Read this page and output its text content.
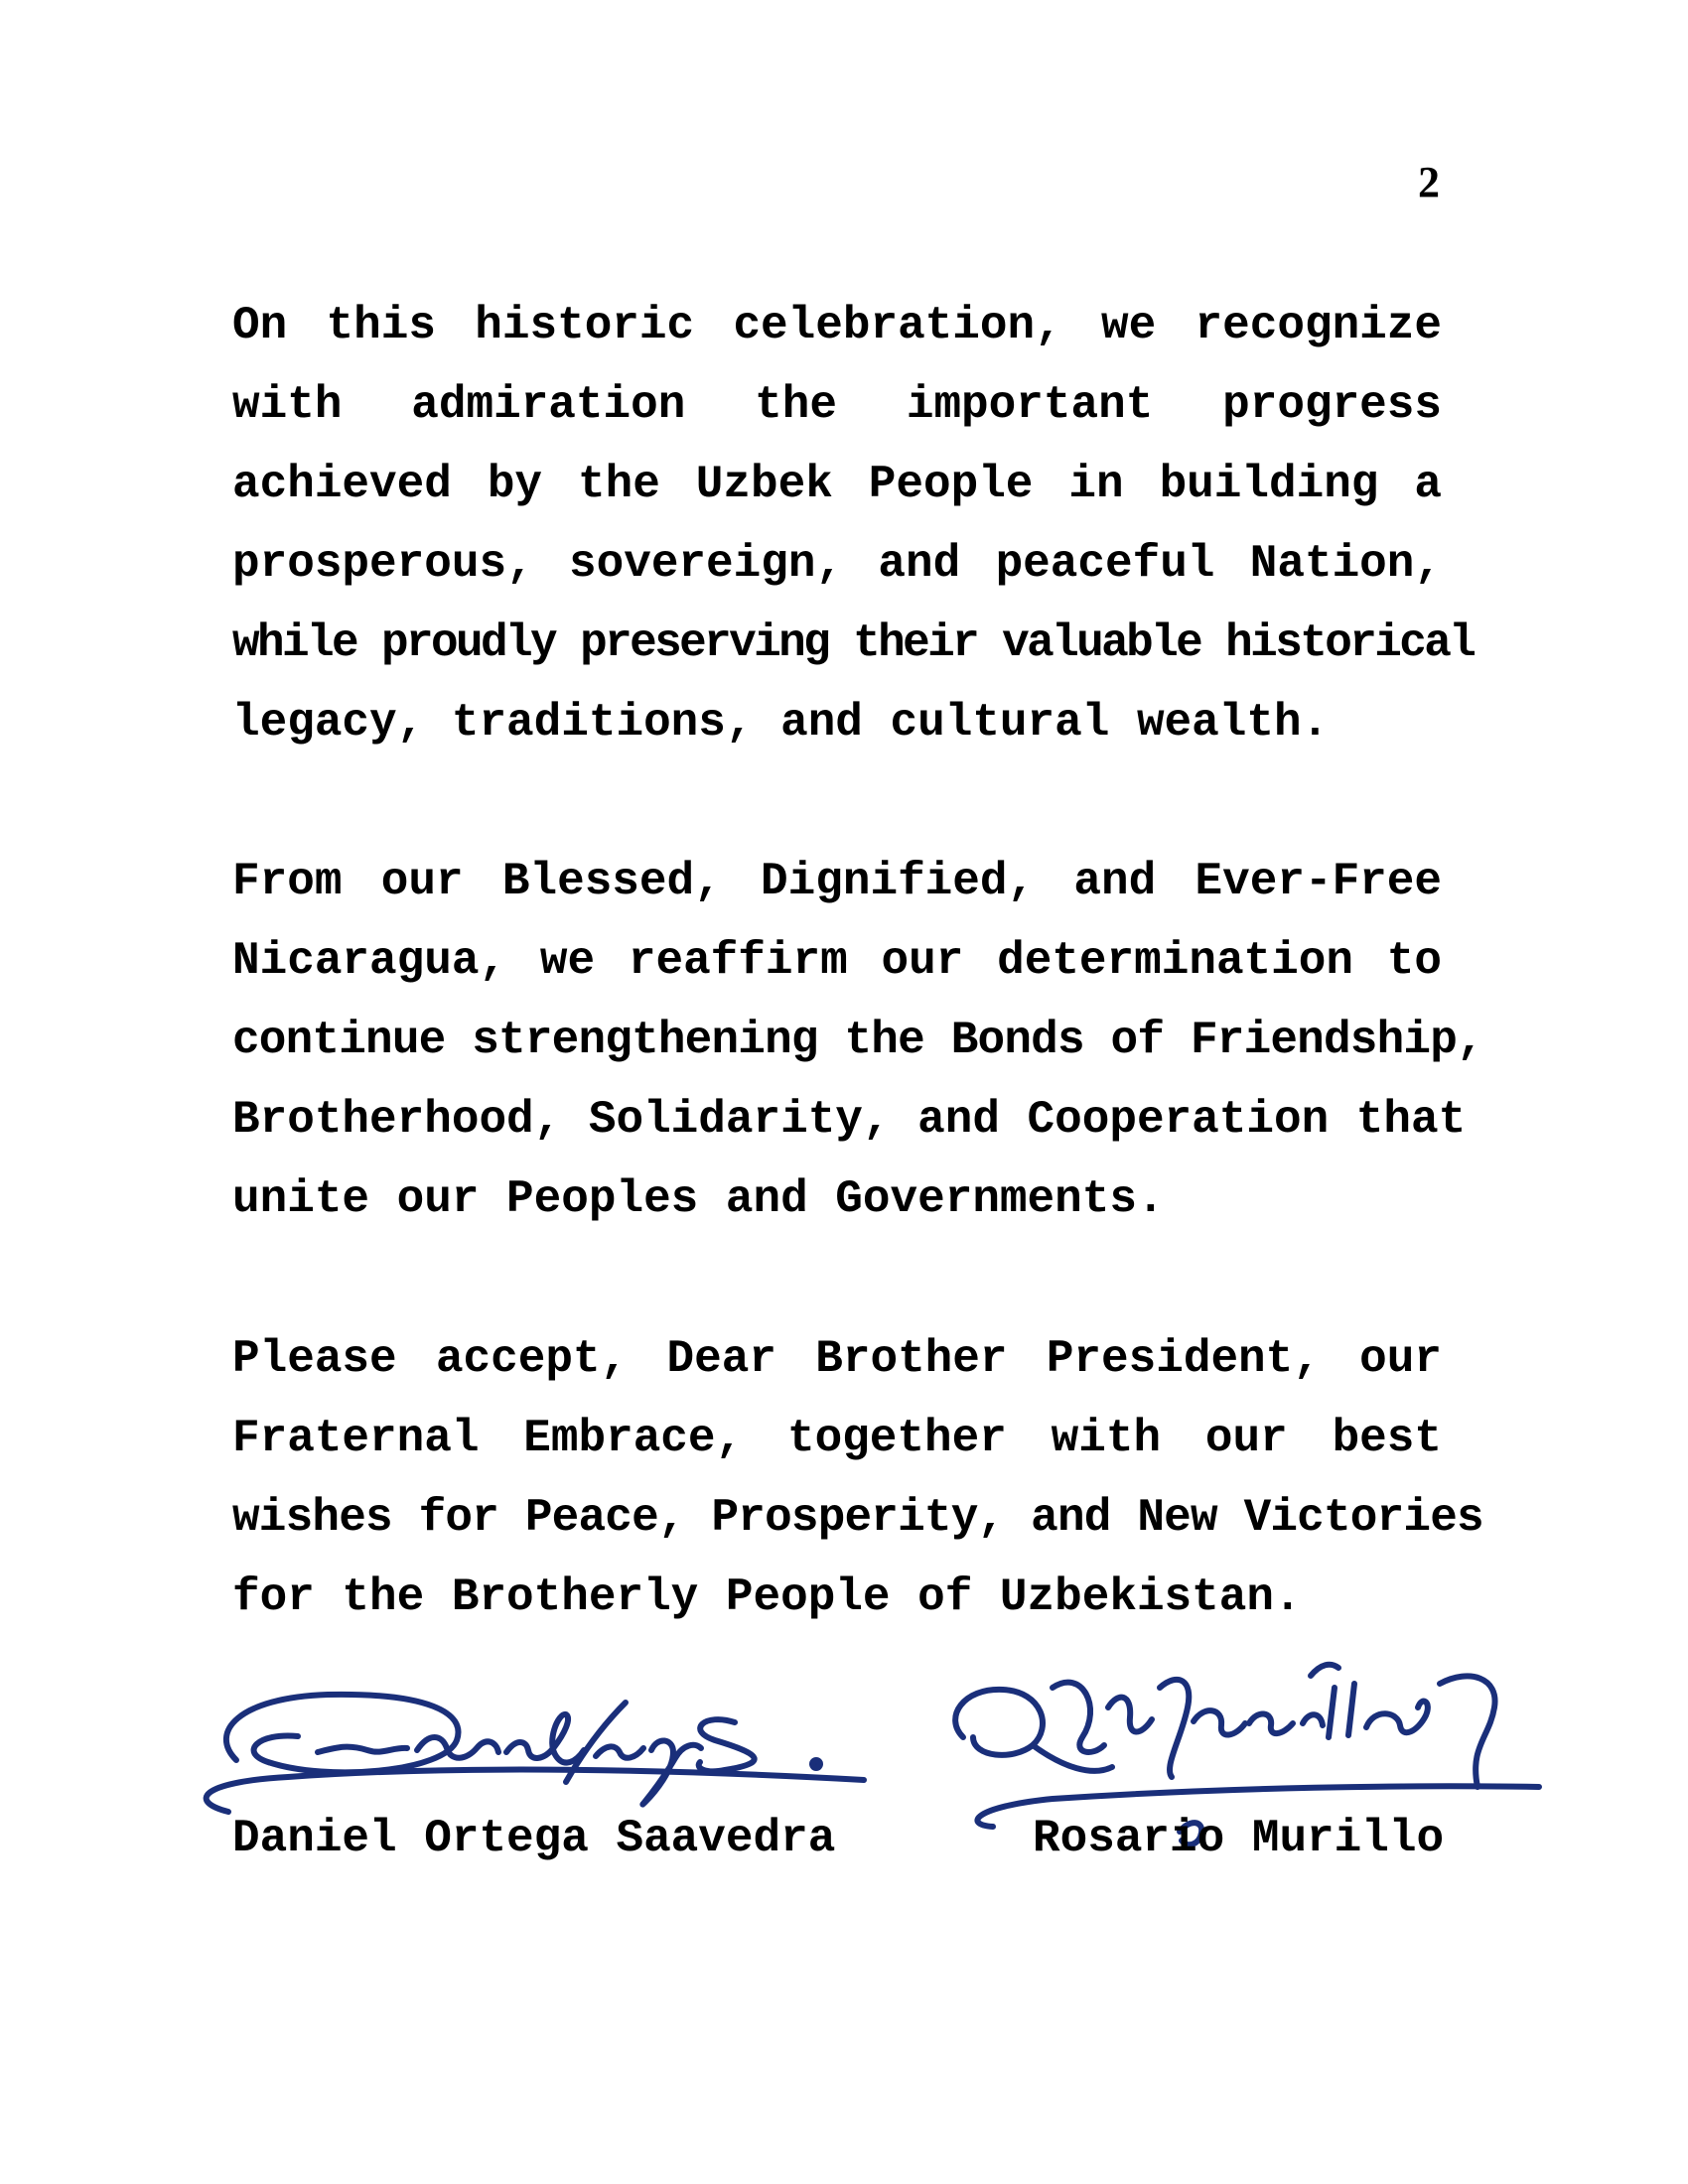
2
On this historic celebration, we recognize
with admiration the important progress
achieved by the Uzbek People in building a
prosperous, sovereign, and peaceful Nation,
while proudly preserving their valuable historical
legacy, traditions, and cultural wealth.
From our Blessed, Dignified, and Ever-Free
Nicaragua, we reaffirm our determination to
continue strengthening the Bonds of Friendship,
Brotherhood, Solidarity, and Cooperation that
unite our Peoples and Governments.
Please accept, Dear Brother President, our
Fraternal Embrace, together with our best
wishes for Peace, Prosperity, and New Victories
for the Brotherly People of Uzbekistan.
Daniel Ortega Saavedra	Rosario Murillo
